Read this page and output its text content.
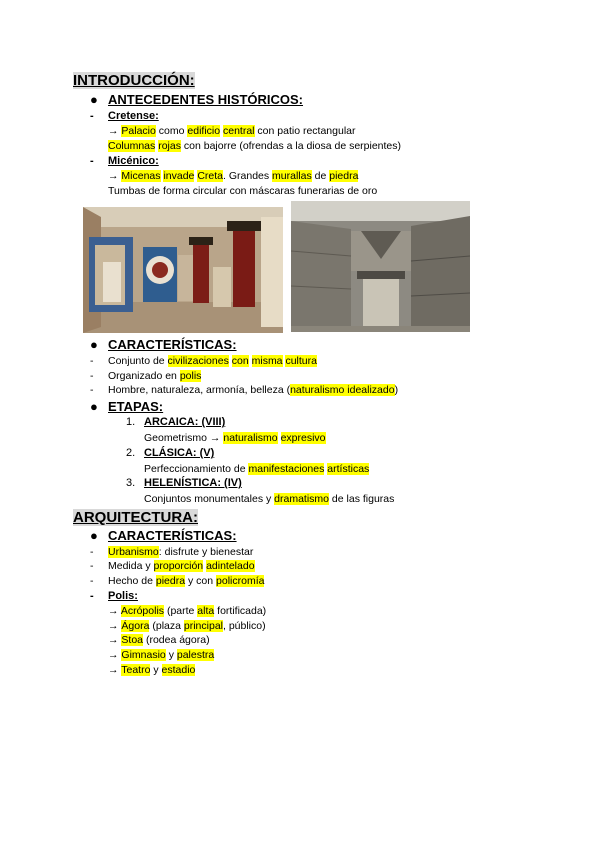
INTRODUCCIÓN:
● ANTECEDENTES HISTÓRICOS:
- Cretense:
→ Palacio como edificio central con patio rectangular
Columnas rojas con bajorre (ofrendas a la diosa de serpientes)
- Micénico:
→ Micenas invade Creta. Grandes murallas de piedra
Tumbas de forma circular con máscaras funerarias de oro
● CARACTERÍSTICAS:
- Conjunto de civilizaciones con misma cultura
- Organizado en polis
- Hombre, naturaleza, armonía, belleza (naturalismo idealizado)
● ETAPAS:
1. ARCAICA: (VIII)
Geometrismo → naturalismo expresivo
2. CLÁSICA: (V)
Perfeccionamiento de manifestaciones artísticas
3. HELENÍSTICA: (IV)
Conjuntos monumentales y dramatismo de las figuras
ARQUITECTURA:
● CARACTERÍSTICAS:
- Urbanismo: disfrute y bienestar
- Medida y proporción adintelado
- Hecho de piedra y con policromía
- Polis:
→ Acrópolis (parte alta fortificada)
→ Ágora (plaza principal, público)
→ Stoa (rodea ágora)
→ Gimnasio y palestra
→ Teatro y estadio
